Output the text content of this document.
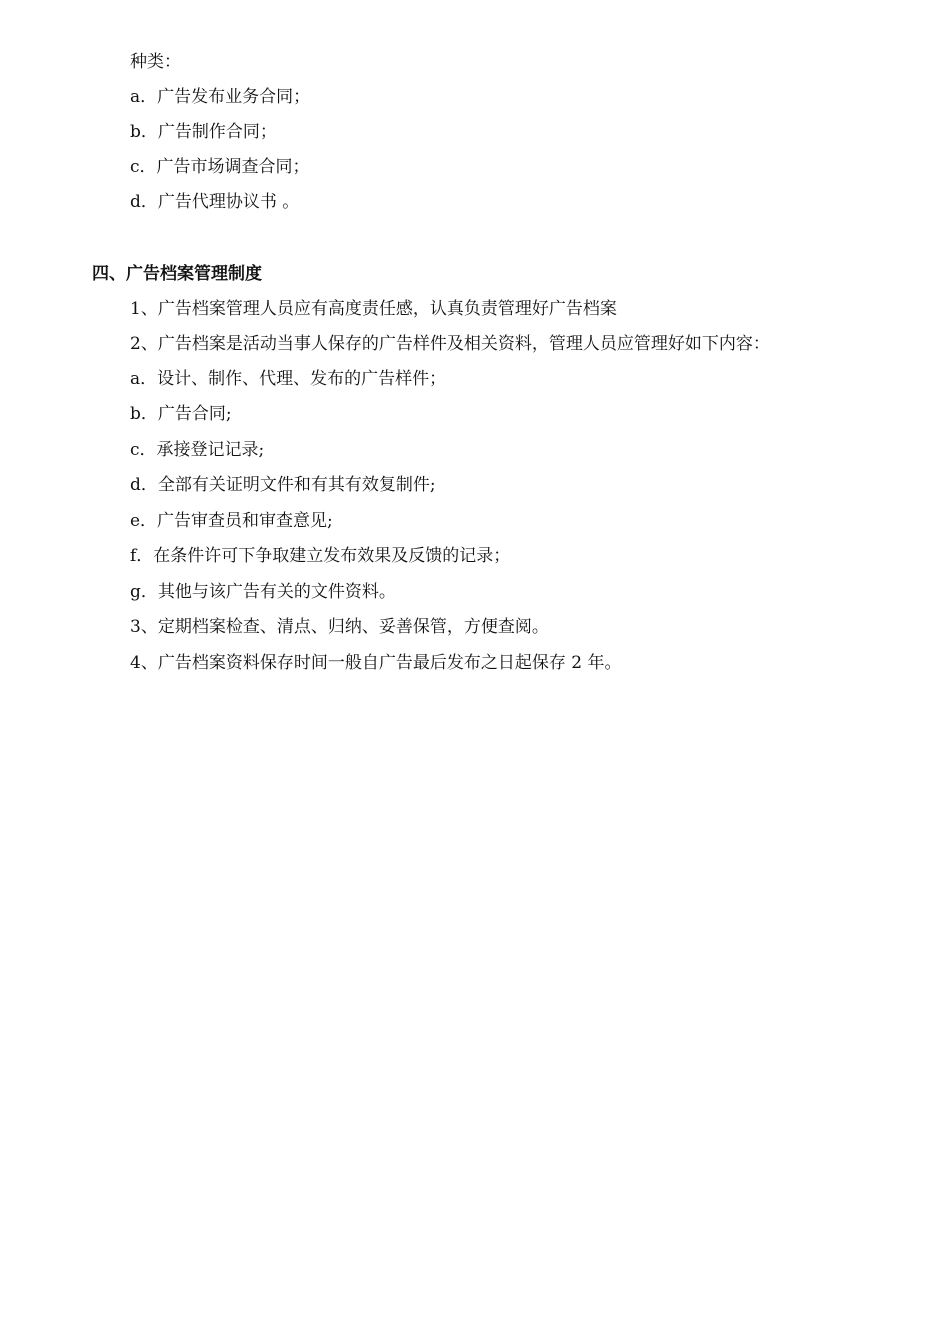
种类：
a．广告发布业务合同；
b．广告制作合同；
c．广告市场调查合同；
d．广告代理协议书 。
四、广告档案管理制度
1、广告档案管理人员应有高度责任感，认真负责管理好广告档案
2、广告档案是活动当事人保存的广告样件及相关资料，管理人员应管理好如下内容：
a．设计、制作、代理、发布的广告样件；
b．广告合同;
c．承接登记记录;
d．全部有关证明文件和有其有效复制件;
e．广告审查员和审查意见;
f．在条件许可下争取建立发布效果及反馈的记录；
g．其他与该广告有关的文件资料。
3、定期档案检查、清点、归纳、妥善保管，方便查阅。
4、广告档案资料保存时间一般自广告最后发布之日起保存 2 年。
